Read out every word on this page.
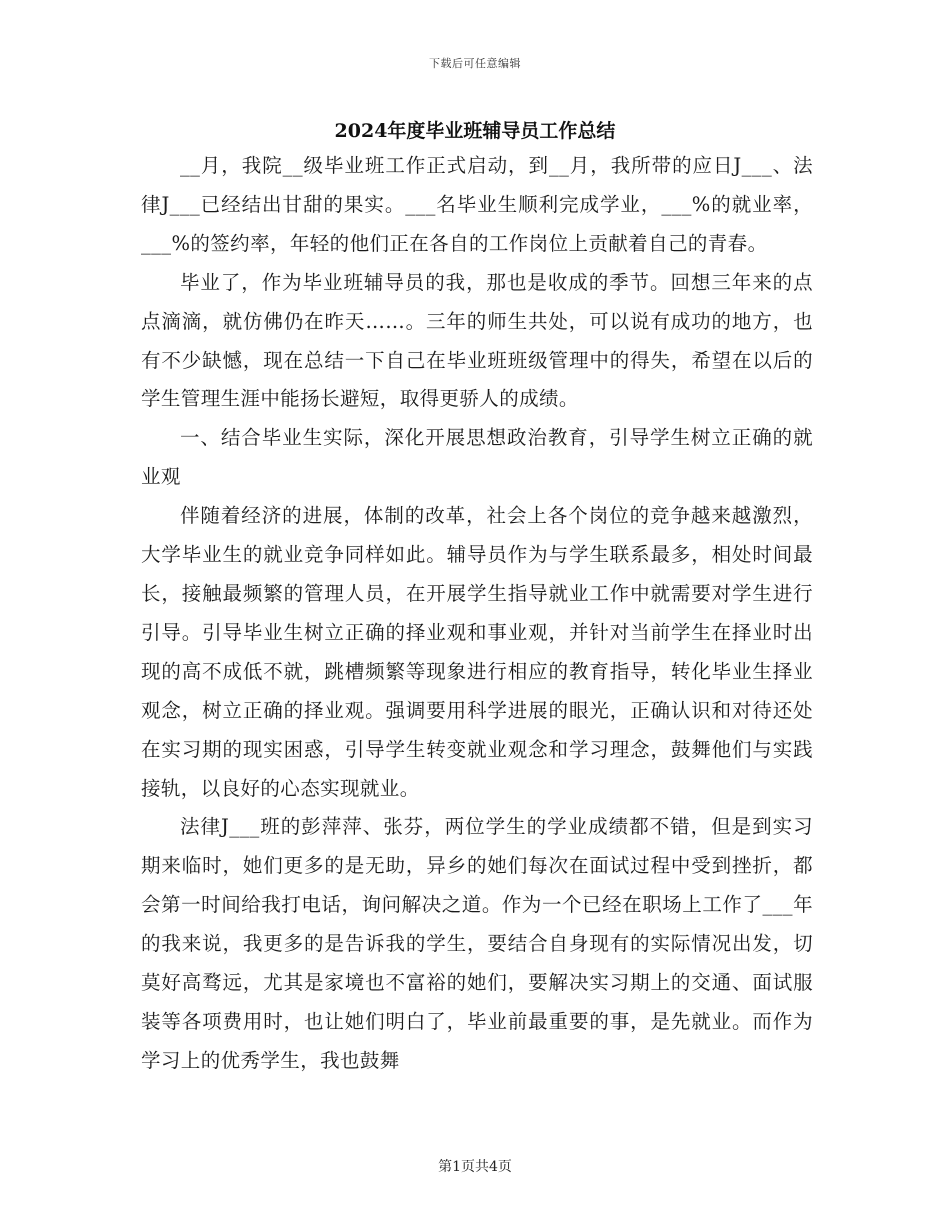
下载后可任意编辑
2024年度毕业班辅导员工作总结

__月，我院__级毕业班工作正式启动，到__月，我所带的应日J___、法律J___已经结出甘甜的果实。___名毕业生顺利完成学业，___%的就业率，___%的签约率，年轻的他们正在各自的工作岗位上贡献着自己的青春。

毕业了，作为毕业班辅导员的我，那也是收成的季节。回想三年来的点点滴滴，就仿佛仍在昨天……。三年的师生共处，可以说有成功的地方，也有不少缺憾，现在总结一下自己在毕业班班级管理中的得失，希望在以后的学生管理生涯中能扬长避短，取得更骄人的成绩。

一、结合毕业生实际，深化开展思想政治教育，引导学生树立正确的就业观

伴随着经济的进展，体制的改革，社会上各个岗位的竞争越来越激烈，大学毕业生的就业竞争同样如此。辅导员作为与学生联系最多，相处时间最长，接触最频繁的管理人员，在开展学生指导就业工作中就需要对学生进行引导。引导毕业生树立正确的择业观和事业观，并针对当前学生在择业时出现的高不成低不就，跳槽频繁等现象进行相应的教育指导，转化毕业生择业观念，树立正确的择业观。强调要用科学进展的眼光，正确认识和对待还处在实习期的现实困惑，引导学生转变就业观念和学习理念，鼓舞他们与实践接轨，以良好的心态实现就业。

法律J___班的彭萍萍、张芬，两位学生的学业成绩都不错，但是到实习期来临时，她们更多的是无助，异乡的她们每次在面试过程中受到挫折，都会第一时间给我打电话，询问解决之道。作为一个已经在职场上工作了___年的我来说，我更多的是告诉我的学生，要结合自身现有的实际情况出发，切莫好高骛远，尤其是家境也不富裕的她们，要解决实习期上的交通、面试服装等各项费用时，也让她们明白了，毕业前最重要的事，是先就业。而作为学习上的优秀学生，我也鼓舞

第1页共4页
